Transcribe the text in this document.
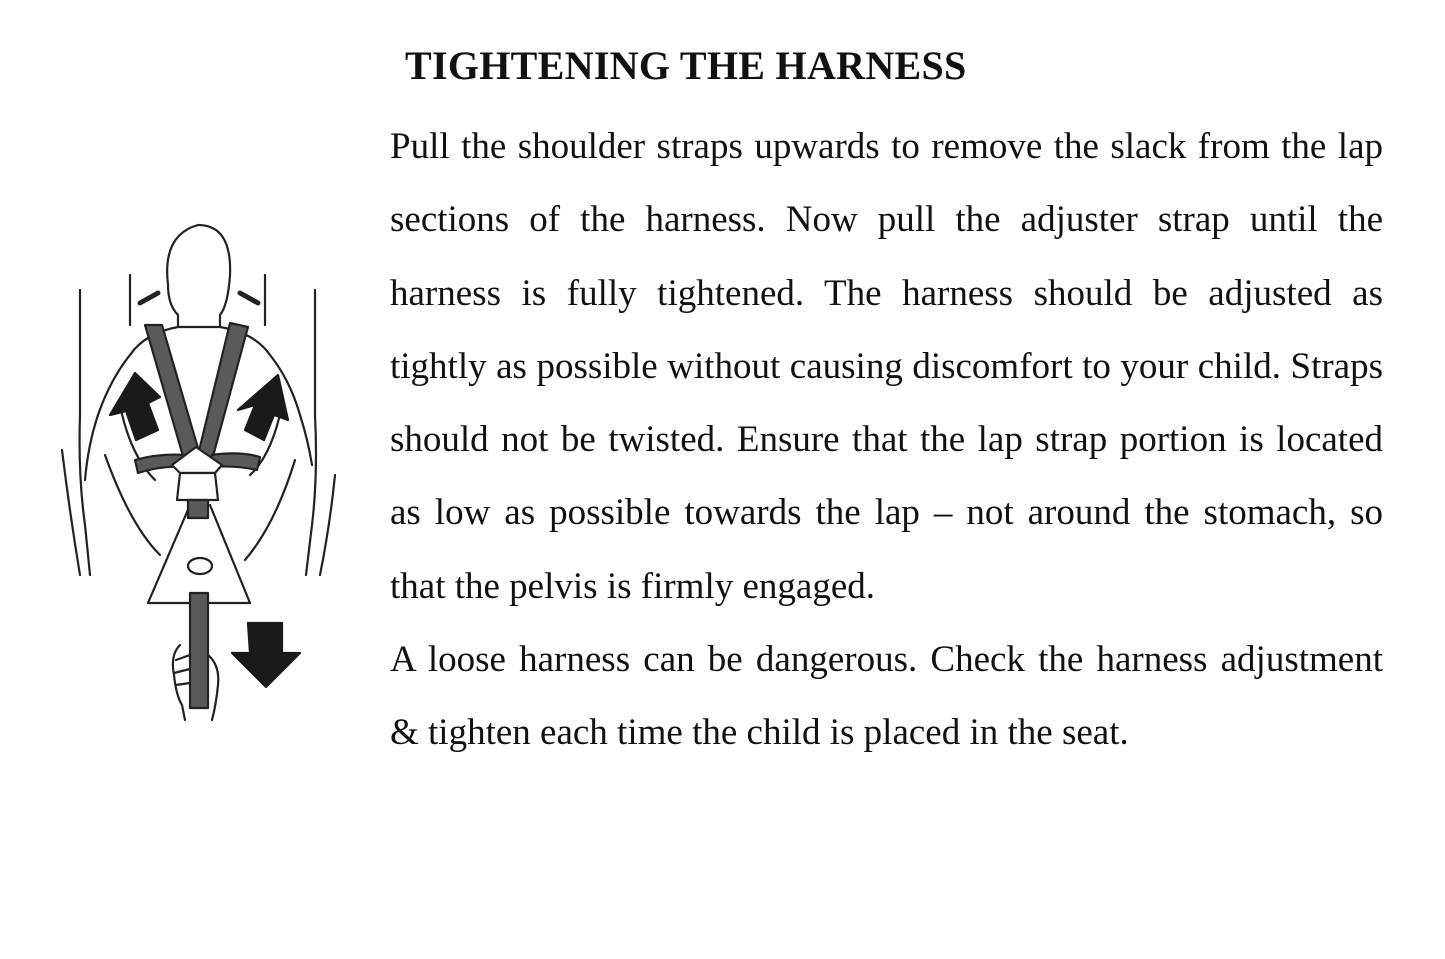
TIGHTENING THE HARNESS

Pull the shoulder straps upwards to remove the slack from the lap sections of the harness. Now pull the adjuster strap until the harness is fully tightened. The harness should be adjusted as tightly as possible without causing discomfort to your child. Straps should not be twisted. Ensure that the lap strap portion is located as low as possible towards the lap – not around the stomach, so that the pelvis is firmly engaged.

A loose harness can be dangerous. Check the harness adjustment & tighten each time the child is placed in the seat.
